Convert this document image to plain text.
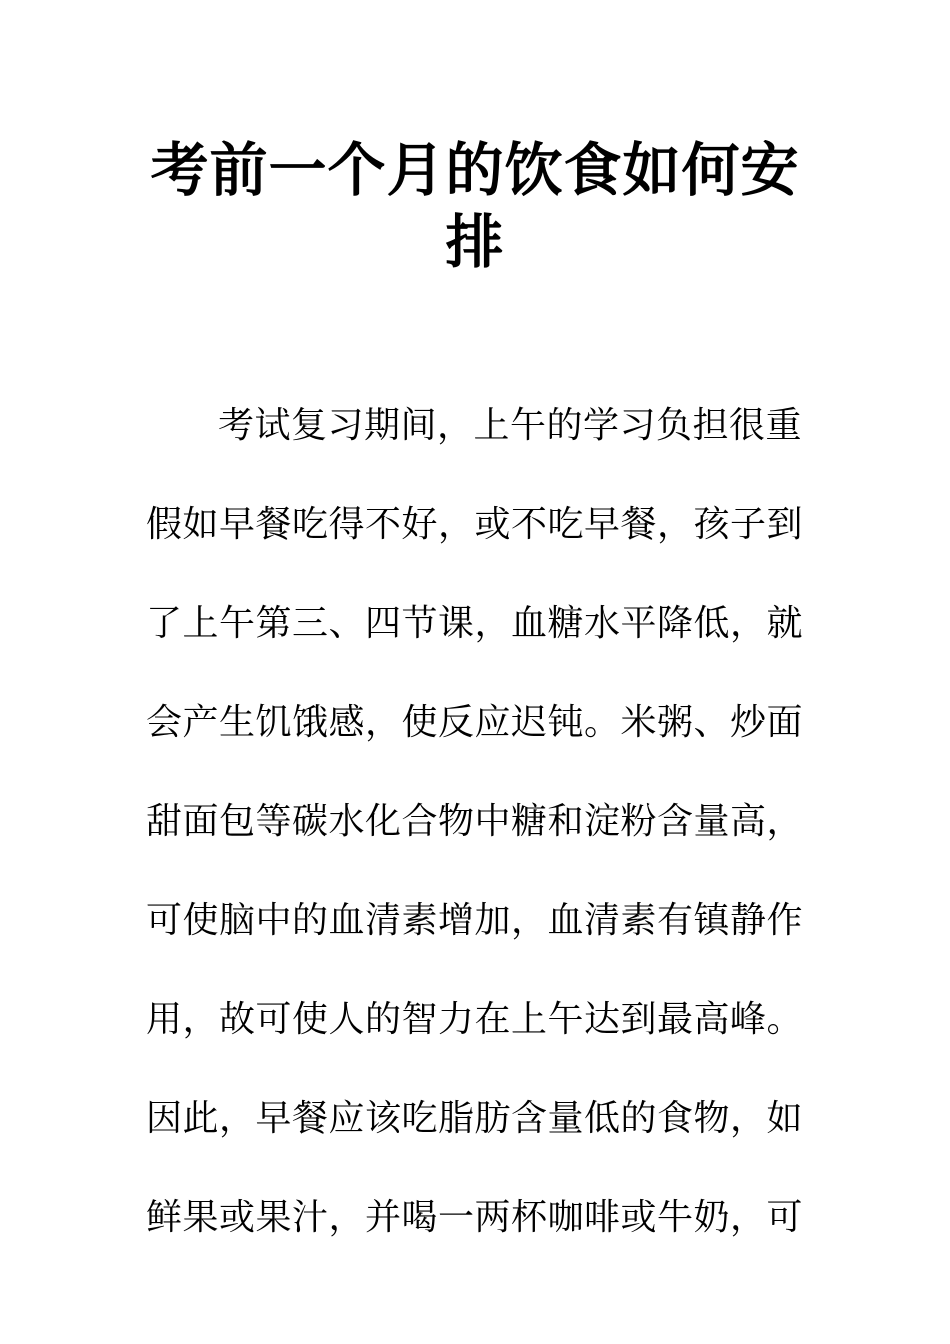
考前一个月的饮食如何安
排
考试复习期间，上午的学习负担很重
假如早餐吃得不好，或不吃早餐，孩子到
了上午第三、四节课，血糖水平降低，就
会产生饥饿感，使反应迟钝。米粥、炒面
甜面包等碳水化合物中糖和淀粉含量高，
可使脑中的血清素增加，血清素有镇静作
用，故可使人的智力在上午达到最高峰。
因此，早餐应该吃脂肪含量低的食物，如
鲜果或果汁，并喝一两杯咖啡或牛奶，可
